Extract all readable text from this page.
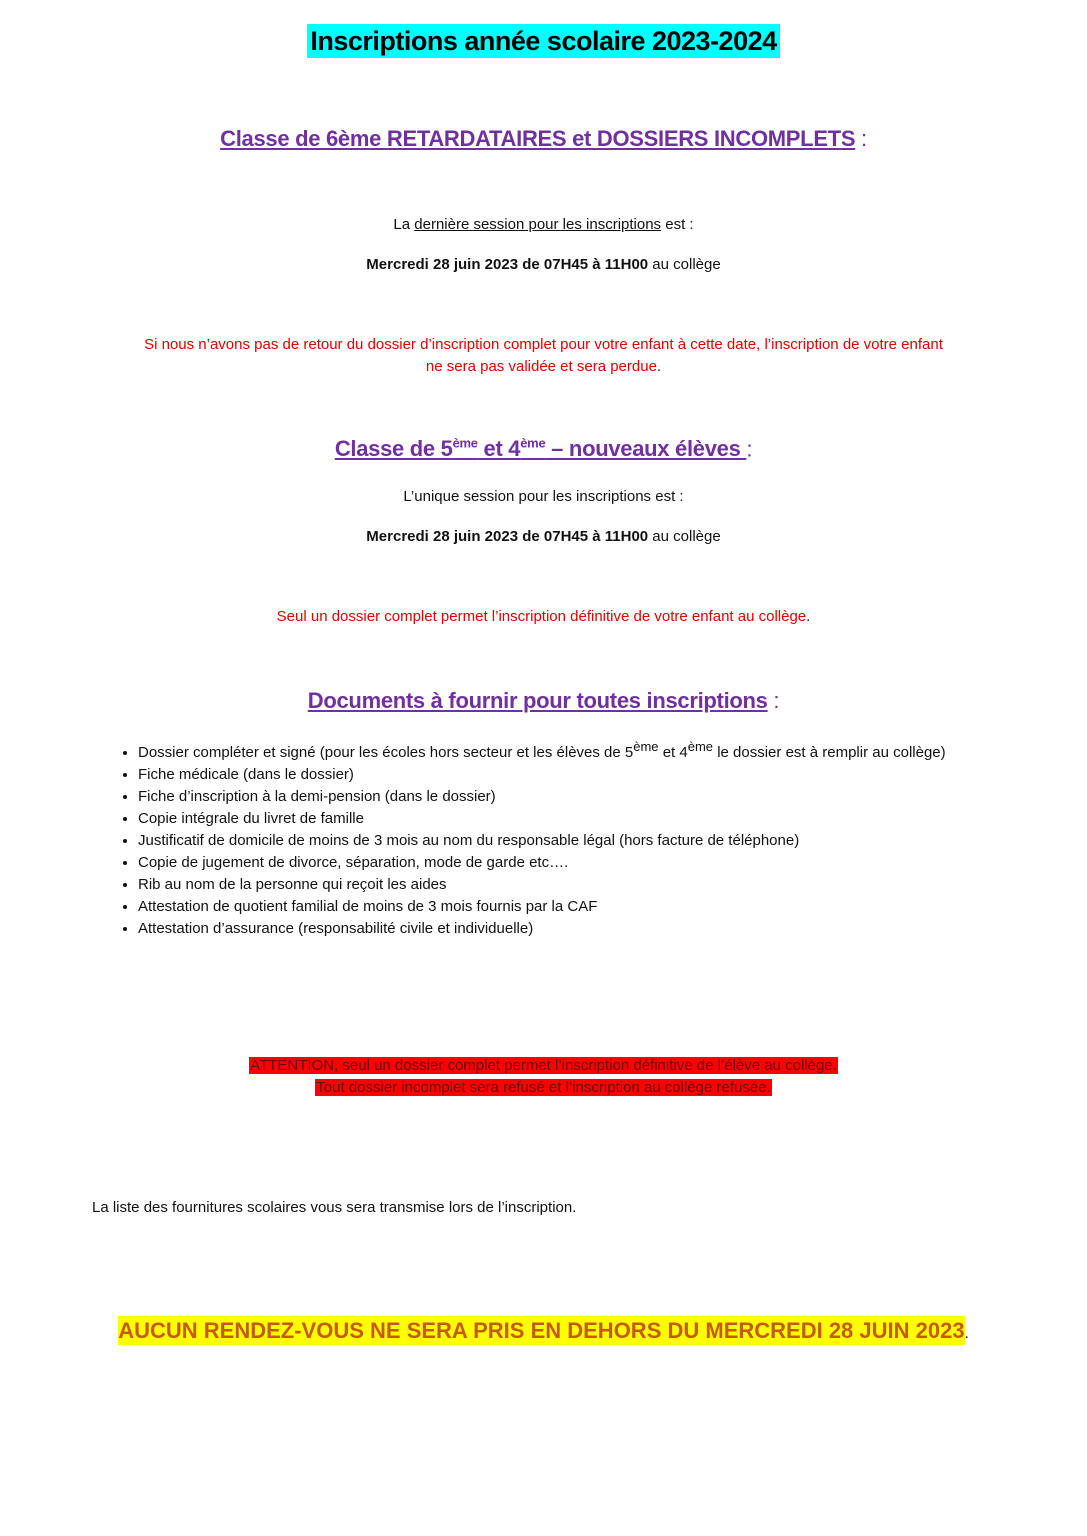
Inscriptions année scolaire 2023-2024
Classe de 6ème RETARDATAIRES et DOSSIERS INCOMPLETS :
La dernière session pour les inscriptions est :
Mercredi 28 juin 2023 de 07H45 à 11H00 au collège
Si nous n’avons pas de retour du dossier d’inscription complet pour votre enfant à cette date, l’inscription de votre enfant
ne sera pas validée et sera perdue.
Classe de 5ème et 4ème – nouveaux élèves :
L’unique session pour les inscriptions est :
Mercredi 28 juin 2023 de 07H45 à 11H00 au collège
Seul un dossier complet permet l’inscription définitive de votre enfant au collège.
Documents à fournir pour toutes inscriptions :
• Dossier compléter et signé (pour les écoles hors secteur et les élèves de 5ème et 4ème le dossier est à remplir au collège)
• Fiche médicale (dans le dossier)
• Fiche d’inscription à la demi-pension (dans le dossier)
• Copie intégrale du livret de famille
• Justificatif de domicile de moins de 3 mois au nom du responsable légal (hors facture de téléphone)
• Copie de jugement de divorce, séparation, mode de garde etc….
• Rib au nom de la personne qui reçoit les aides
• Attestation de quotient familial de moins de 3 mois fournis par la CAF
• Attestation d’assurance (responsabilité civile et individuelle)
ATTENTION, seul un dossier complet permet l’inscription définitive de l’élève au collège.
Tout dossier incomplet sera refusé et l’inscription au collège refusée.
La liste des fournitures scolaires vous sera transmise lors de l’inscription.
AUCUN RENDEZ-VOUS NE SERA PRIS EN DEHORS DU MERCREDI 28 JUIN 2023.
